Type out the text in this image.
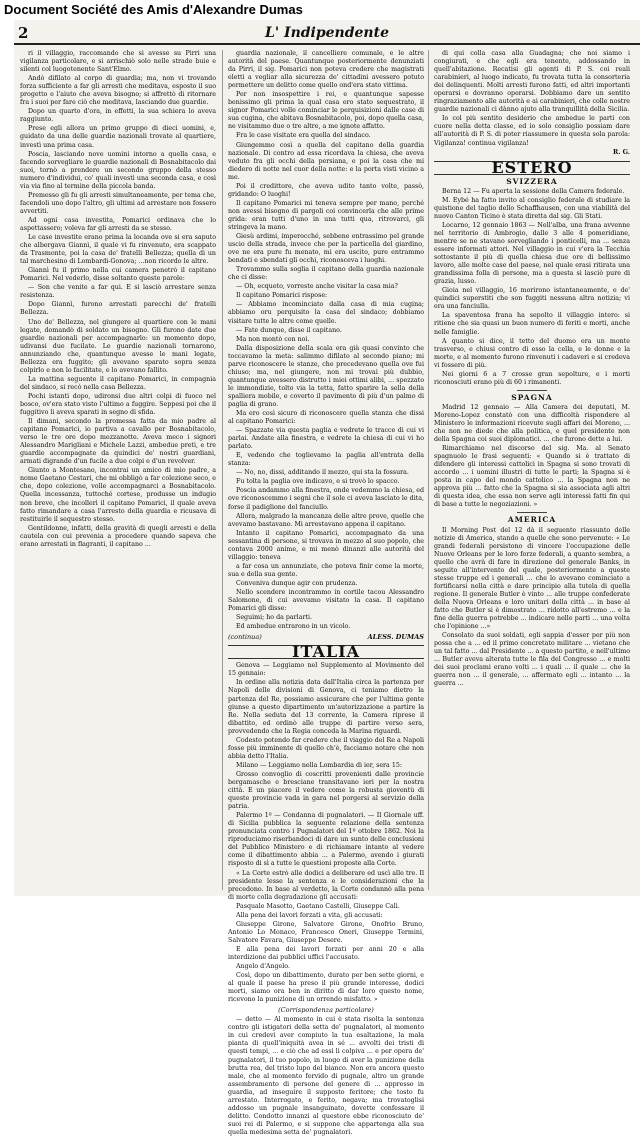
Document Société des Amis d'Alexandre Dumas
2	L' Indipendente

ri il villaggio, raccomando che si avesse su Pirri una vigilanza particolare, e si arrischiò solo nelle strade buie e silenti col luogotenente Sant'Elmo.

Andò difilato al corpo di guardia; ma, non vi trovando forza sufficiente a far gli arresti che meditava, esposto il suo progetto e l'aiuto che aveva bisogno; si affrettò di ritornare fra i suoi per fare ciò che meditava, lasciando due guardie.

Dopo un quarto d'ora, in effetti, la sua schiera lo aveva raggiunto.

Prese egli allora un primo gruppo di dieci uomini, e, guidato da una delle guardie nazionali trovate al quartiere, investì una prima casa.

Poscia, lasciando nove uomini intorno a quella casa, e facendo sorvegliare le guardie nazionali di Bosnabitacolo dai suoi, tornò a prendere un secondo gruppo della stesso numero d'individui, co' quali investì una seconda casa, e così via via fino al termine della piccola banda.

Premesso gli fu gli arresti simultaneamente, per tema che, facendoli uno dopo l'altro, gli ultimi ad arrestare non fossero avvertiti.

Ad ogni casa investita, Pomarici ordinava che lo aspettassero; voleva far gli arresti da se stesso.

Le case investite erano prima la locanda ove si era saputo che albergava Giannì, il quale vi fu rinvenuto, era scappato da Trasmonte, poi la casa de' fratelli Bellezza; quella di un tal marchesino di Lombardi-Gonova; ...non ricordo le altre.

Giannì fu il primo nella cui camera penetrò il capitano Pomarici. Nel vederlo, disse soltanto queste parole:

— Son che venite a far qui. E si lasciò arrestare senza resistenza.

Dopo Giannì, furono arrestati parecchi de' fratelli Bellezza.

Uno de' Bellezza, nel giungere al quartiere con le mani legate, domandò di soldato un bisogno. Gli furono date due guardie nazionali per accompagnarlo: un momento dopo, udivansi due fucilate. Le guardie nazionali tornarono, annunziando che, quantunque avesse le mani legate, Bellezza era fuggito; gli avevano sparato sopra senza colpirlo e non lo facilitate, e lo avevano fallito.

La mattina seguente il capitano Pomarici, in compagnia del sindaco, si recò nella casa Bellezza.

Pochi istanti dopo, udironsi due altri colpi di fuoco nel bosco, ov'era stato visto l'ultimo a fuggire. Seppesi poi che il fuggitivo li aveva sparati in segno di sfida.

Il dimani, secondo la promessa fatta da mio padre al capitano Pomarici, io partiva a cavallo per Bosnabitacolo, verso le tre ore dopo mezzanotte. Aveva meco i signori Alessandro Marigliani e Michele Lazzi, ambedue preti, e tre guardie accompagnate da quindici de' nostri guardiani, armati digrande d'un fucile a due colpi e d'un revolver.

Giunto a Montesano, incontrai un amico di mio padre, a nome Gaetano Cestari, che mi obbligò a far colezione seco, e che, dopo colezione, volle accompagnarci a Bosnabitacolo. Quella incessanza, tuttoché cortese, produsse un indugio non breve, che incollerì il capitano Pomarici, il quale aveva fatto rimandare a casa l'arresto della guardia e ricusava di restituirle il sequestro stesso.

Gentildonne, infatti, della gravità di quegli arresti e della cautela con cui prevenia a procedere quando sapeva che erano arrestati in flagranti, il capitano ...

guardia nazionale, il cancelliere comunale, e le altre autorità del paese. Quantunque posteriormente denunziati da Pirri, il sig. Pomarici non poteva credere che magistrati eletti a vegliar alla sicurezza de' cittadini avessero potuto permettere un delitto come quello ond'era stato vittima.

Per non insospettire i rei, e quantunque sapesse benissimo gli prima la qual casa ero stato sequestrato, il signor Pomarici volle cominciar le perquisizioni dalle case di sua cugina, che abitava Bosnabitacolo, poi, dopo quella casa, ne visitammo due o tre altre, a me ignote affatto.

Fra le case visitate era quella del sindaco.

Giungemmo così a quella del capitano della guardia nazionale. Di contro ad essa ricordava la chiesa, che aveva veduto fra gli occhi della persiana, e poi la casa che mi diedero di notte nel cuor della notte: e la porta visti vicino a me.

Poi il credittore, che aveva udito tanto volte, passò, gridando: O luoghi!

Il capitano Pomarici mi teneva sempre per mano, perché non avessi bisogno di pargoli coi convincerla che alle prime grida: eran tutti d'uno in una tutti qua, ritrovarci, gli stringeva la mano.

Giesù ardimi, imperocché, sebbene entrassimo pel grande uscio della strada, invece che per la particella del giardino, ove ne era pure fu menato, mi era uscito, pure entrammo bendati e sbendati gli occhi, riconosceva i luoghi.

Trovammo sulla soglia il capitano della guardia nazionale che ci disse:

— Oh, ecqueto, vorreste anche visitar la casa mia?

Il capitano Pomarici rispose:

— Abbiamo incominciato dalla casa di mia cugina; abbiamo oru perquisito la casa del sindaco; dobbiamo visitare tutte le altre come quelle.

— Fate dunque, disse il capitano.

Ma non montò con noi.

Dalla disposizione della scala era già quasi convinto che toccavamo la meta: salimmo difilato al secondo piano; mi parve riconoscere le stanze, che precedevano quella ove fui chiuso; ma, nel giungere, non mi trovai più dubbio, quantunque avessero distrutto i miei ottimi alibi, ... spezzato le immondizie, tolto via la tetta, fatto sparire la sella della spalliera mobile, e coverto il pavimento di più d'un palmo di paglia di grano.

Ma ero così sicuro di riconoscere quella stanza che dissi al capitano Pomarici:

— Spazzate via questa paglia e vedrete le tracce di cui vi parlai. Andate alla finestra, e vedrete la chiesa di cui vi ho parlato.

E, vedendo che toglievamo la paglia all'entrata della stanza:

— No, no, dissi, additando il mezzo, qui sta la fossura.

Fu tolta la paglia ove indicavo, e si trovò lo spacco.

Poscia andammo alla finestra, onde vedemmo la chiesa, ed ove riconoscemmo i segni che il sole ci aveva lasciato le dita, forse il padiglione del fanciullo.

Allora, malgrado la mancanza delle altre prove, quelle che avevamo bastavano. Mi arrestavano appena il capitano.

Intanto il capitano Pomarici, accompagnato da una sessantina di persone, si trovava in mezzo al suo popolo, che contava 2000 anime, e mi menò dinanzi alle autorità del villaggio: teneva

a far cosa un annunziate, che poteva finir come la morte, sua e della sua gente.

Conveniva dunque agir con prudenza.

Nello scendere incontrammo in cortile tacou Alessandro Salomone, di cui avevamo visitato la casa. Il capitano Pomarici gli disse:

Seguimi; ho da parlarti.

Ed ambedue entrarono in un vicolo.

(continua)	ALESS. DUMAS
ITALIA

Genova — Leggiamo nel Supplemento al Movimento del 15 gennaio:

In ordine alla notizia data dall'Italia circa la partenza per Napoli delle divisioni di Genova, ci teniamo dietro la partenza del Re, possiamo assicurare che per l'ultima gente giunse a questo dipartimento un'autorizzazione a partire la Re. Nella seduta del 13 corrente, la Camera riprese il dibattito, ed ordinò alle truppe di partire verso sera, provvedendo che la Regia conceda la Marina riguardi.

Codesto potendo far credere che il viaggio del Re a Napoli fosse più imminente di quello ch'è, facciamo notare che non abbia detto l'Italia.

Milano — Leggiamo nella Lombardia di ier, sera 15:

Grosso convoglio di coscritti provenienti dalle provincie bergamasche e bresciane transitavano ieri per la nostra città. E un piacere il vedere come la robusta gioventù di queste provincie vada in gara nel porgersi al servizio della patria.

Palermo 1º — Condanna di pugnalatori. — Il Giornale uff. di Sicilia pubblica la seguente relazione della sentenza pronunciata contro i Pugnalatori del 1º ottobre 1862. Noi la riproduciamo riserbandoci di dare un sunto delle conclusioni del Pubblico Ministero e di richiamare intanto al vedere come il dibattimento abbia ... a Palermo, avendo i giurati risposto di sì a tutte le questioni proposte alla Corte.

« La Corte estrò alle dodici a deliberare ed uscì alle tre. Il presidente lesse la sentenza e le considerazioni che la precedono. In base al verdetto, la Corte condannò alla pena di morte colla degradazione gli accusati:

Pasquale Masotto, Gaetano Castelli, Giuseppe Calì.

Alla pena dei lavori forzati a vita, gli accusati:

Giuseppe Girone, Salvatore Girone, Onofrio Bruno, Antonio Lo Monaco, Francesco Oneri, Giuseppe Termini, Salvatore Favara, Giuseppe Desere.

E alla pena dei lavori forzati per anni 20 e alla interdizione dai pubblici uffici l'accusato.

Angelo d'Angelo.

Così, dopo un dibattimento, durato per ben sette giorni, e al quale il paese ha preso il più grande interesse, dodici morti, siamo ora ben in diritto di dar loro questo nome, ricevono la punizione di un orrendo misfatto. »

(Corrispondenza particolare)

— detto — Al momento in cui è stata risolta la sentenza contro gli istigatori della setta de' pugnalatori, al momento in cui credevi aver compiuto la tua esaltazione, la mala pianta di quell'iniquità avea in sé ... avvolti dei tristi di questi tempi, ... e ciò che ad essi li colpiva ... e per opera de' pugnalatori, il tuo popolo, in luogo di aver la punizione della brutta rea, del tristo lupo del bianco. Non era ancora questo male, che al momento fervido di pugnale, altro un grande assembramento di persone del genere di ... appresso in guardia, ad inseguire il supposto feritore; che tosto fu arrestato. Interrogato, e ferito, negava; ma trovatoglisi addosso un pugnale insanguinato, dovette confessare il delitto. Condotto innanzi al questore ebbe riconosciuto de' suoi rei di Palermo, e si suppone che appartenga alla sua quella medesima setta de' pugnalatori.

di qui colla casa alla Guadagna; che noi siamo i congiurati, e che egli era tenente, addossando in quell'abitazione. Recatisi gli agenti di P. S. coi reali carabinieri, al luogo indicato, fu trovata tutta la consorteria dei delinquenti. Molti arresti furono fatti, ed altri importanti operarsi e dovranno operarsi. Dobbiamo dare un sentito ringraziamento alle autorità e ai carabinieri, che colle nostre guardie nazionali ci dànno ajuto alla tranquillità della Sicilia.

Io col più sentito desiderio che ambedue le parti con cuore nella detta classe, ed io solo consiglio possiam dare all'autorità di P. S. di poter riassumere in questa sola parola: Vigilanza! continua vigilanza!

R. G.
ESTERO
SVIZZERA

Berna 12 — Fu aperta la sessione della Camera federale.

M. Eybé ha fatto invito al consiglio federale di studiare la quistione del taglio dello Schaffhausen, con una viabilità del nuovo Canton Ticino è stata diretta dal sig. Gli Stati.

Locarno, 12 gennaio 1863 — Nell'alba, una frana avvenne nel territorio di Ambrogio, dalle 3 alle 4 pomeridiane, mentre se ne stavano sorvegliando i ponticelli, ma ... senza essere informati attori. Nel villaggio in cui v'era la Tecchia sottostante il più di quella chiesa due ore di bellissimo lavoro, alle molte case del paese, nel quale erasi ritirata una grandissima folla di persone, ma a questa si lasciò pure di grazia, lusso.

Gioia nel villaggio, 16 morirono istantaneamente, e de' quindici superstiti che son fuggiti nessuna altra notizia; vi era una fanciulla.

La spaventosa frana ha sepolto il villaggio intero: si ritiene che sia quasi un buon numero di feriti e morti, anche nelle famiglie.

A quanto si dice, il tetto del duomo era un monte trasverso, e chiusi contro di esso la cella, e le donne e la morte, e al momento furono rinvenuti i cadaveri e si credeva vi fossero di più.

Nei giorni 6 a 7 crosse gran sepolture, e i morti riconosciuti erano più di 60 i rimanenti.

SPAGNA

Madrid 12 gennaio — Alla Camera dei deputati, M. Moreno-Lopez constatò con una difficoltà rispondere al Ministero le informazioni ricevute sugli affari dei Moreno, ... che non ne diede che alla politica, e quel presidente non della Spagna coi suoi diplomatici. ... che furono dette a lui.

Rimarchiamo nel discorso del sig. Ma. al Senato spagnuolo le frasi seguenti: « Quando si è trattato di difendere gli interessi cattolici in Spagna si sono trovati di accordo ... i uomini illustri di tutte le parti; la Spagna si è posta in capo del mondo cattolico ... la Spagna non ne approva più ... fatto che la Spagna si sia associata agli altri di questa idea, che essa non serve agli interessi fatti fin qui di base a tutte le negoziazioni. »

AMERICA

Il Morning Post del 12 dà il seguente riassunto delle notizie di America, stando a quelle che sono pervenute: « Le grandi federali persistono di vincere l'occupazione delle Nuove Orleans per le loro forze federali, a quanto sembra, a quello che avrà di fare in direzione del generale Banks, in seguito all'intervento del quale, posteriormente a queste stesse truppe ed i generali ... che lo avevano cominciato a fortificarsi nella città e dare principio alla tutela di quella regione. Il generale Butler è vinto ... alle truppe confederate della Nuova Orleans e loro unitari della città ... in base al fatto che Butler si è dimostrato ... ridotto all'estremo ... e la fine della guerra potrebbe ... indicare nelle parti ... una volta che l'opinione ...»

Consolato da suoi soldati, egli sappia d'esser per più non possa che a ... ed il primo concretato militare ... vietano che un tal fatto ... dal Presidente ... a questo partito, e nell'ultimo ... Butler aveva alterata tutte le fila del Congresso ... e molti dei suoi proclami erano volti ... i quali ... il quale ... che la guerra non ... il generale, ... affermato egli ... intanto ... la guerra ...
